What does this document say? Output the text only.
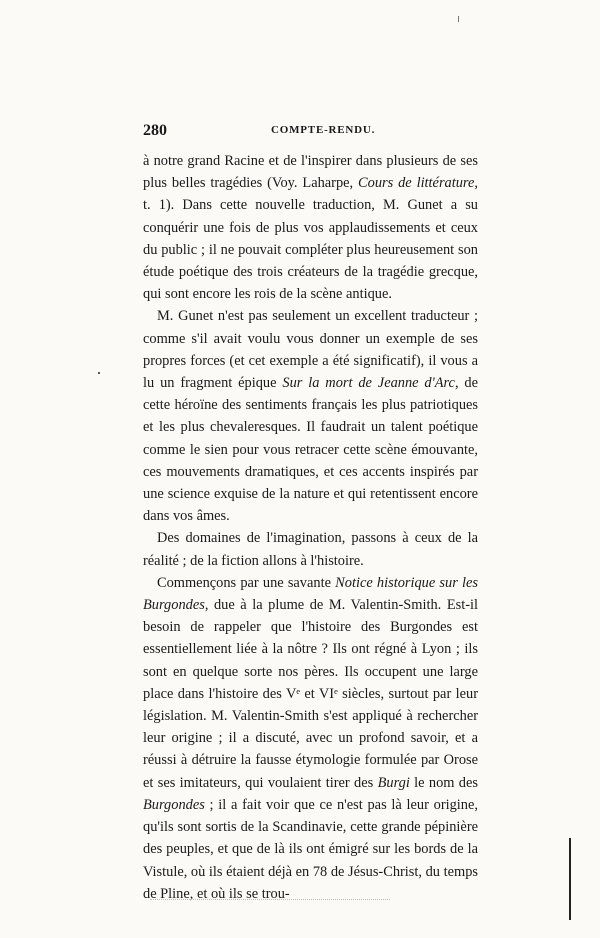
280	COMPTE-RENDU.

à notre grand Racine et de l'inspirer dans plusieurs de ses plus belles tragédies (Voy. Laharpe, Cours de littérature, t. 1). Dans cette nouvelle traduction, M. Gunet a su conquérir une fois de plus vos applaudissements et ceux du public ; il ne pouvait compléter plus heureusement son étude poétique des trois créateurs de la tragédie grecque, qui sont encore les rois de la scène antique.

M. Gunet n'est pas seulement un excellent traducteur ; comme s'il avait voulu vous donner un exemple de ses propres forces (et cet exemple a été significatif), il vous a lu un fragment épique Sur la mort de Jeanne d'Arc, de cette héroïne des sentiments français les plus patriotiques et les plus chevaleresques. Il faudrait un talent poétique comme le sien pour vous retracer cette scène émouvante, ces mouvements dramatiques, et ces accents inspirés par une science exquise de la nature et qui retentissent encore dans vos âmes.

Des domaines de l'imagination, passons à ceux de la réalité ; de la fiction allons à l'histoire.

Commençons par une savante Notice historique sur les Burgondes, due à la plume de M. Valentin-Smith. Est-il besoin de rappeler que l'histoire des Burgondes est essentiellement liée à la nôtre ? Ils ont régné à Lyon ; ils sont en quelque sorte nos pères. Ils occupent une large place dans l'histoire des Vᵉ et VIᵉ siècles, surtout par leur législation. M. Valentin-Smith s'est appliqué à rechercher leur origine ; il a discuté, avec un profond savoir, et a réussi à détruire la fausse étymologie formulée par Orose et ses imitateurs, qui voulaient tirer des Burgi le nom des Burgondes ; il a fait voir que ce n'est pas là leur origine, qu'ils sont sortis de la Scandinavie, cette grande pépinière des peuples, et que de là ils ont émigré sur les bords de la Vistule, où ils étaient déjà en 78 de Jésus-Christ, du temps de Pline, et où ils se trou-
